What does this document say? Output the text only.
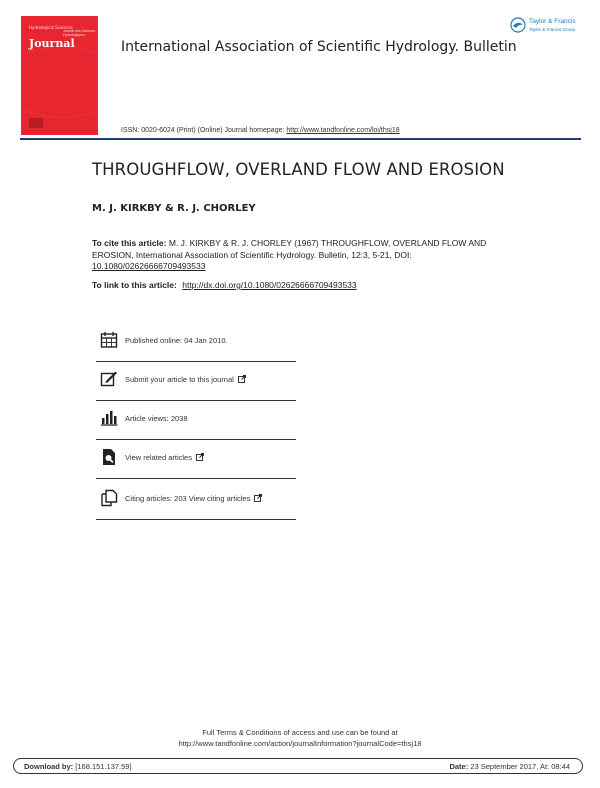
Hydrological Sciences
Journal
Journal des Sciences Hydrologiques
International Association of Scientific Hydrology. Bulletin
Taylor & Francis
Taylor & Francis Group
ISSN: 0020-6024 (Print) (Online) Journal homepage: http://www.tandfonline.com/loi/thsj18
THROUGHFLOW, OVERLAND FLOW AND EROSION
M. J. KIRKBY & R. J. CHORLEY
To cite this article: M. J. KIRKBY & R. J. CHORLEY (1967) THROUGHFLOW, OVERLAND FLOW AND EROSION, International Association of Scientific Hydrology. Bulletin, 12:3, 5-21, DOI: 10.1080/02626666709493533
To link to this article: http://dx.doi.org/10.1080/02626666709493533
Published online: 04 Jan 2010.
Submit your article to this journal
Article views: 2038
View related articles
Citing articles: 203 View citing articles
Full Terms & Conditions of access and use can be found at
http://www.tandfonline.com/action/journalInformation?journalCode=thsj18
Download by: [168.151.137.59]	Date: 23 September 2017, At: 08:44
